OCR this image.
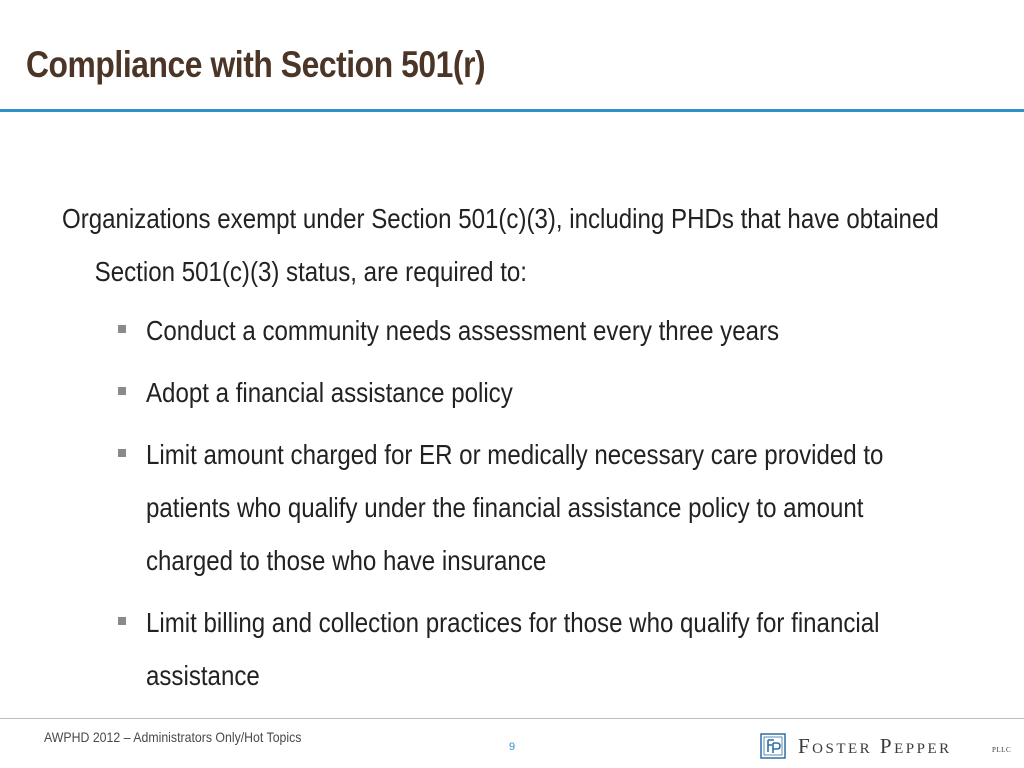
Compliance with Section 501(r)

Organizations exempt under Section 501(c)(3), including PHDs that have obtained Section 501(c)(3) status, are required to:

Conduct a community needs assessment every three years
Adopt a financial assistance policy
Limit amount charged for ER or medically necessary care provided to patients who qualify under the financial assistance policy to amount charged to those who have insurance
Limit billing and collection practices for those who qualify for financial assistance
AWPHD 2012 – Administrators Only/Hot Topics
9	Foster Pepper	PLLC
